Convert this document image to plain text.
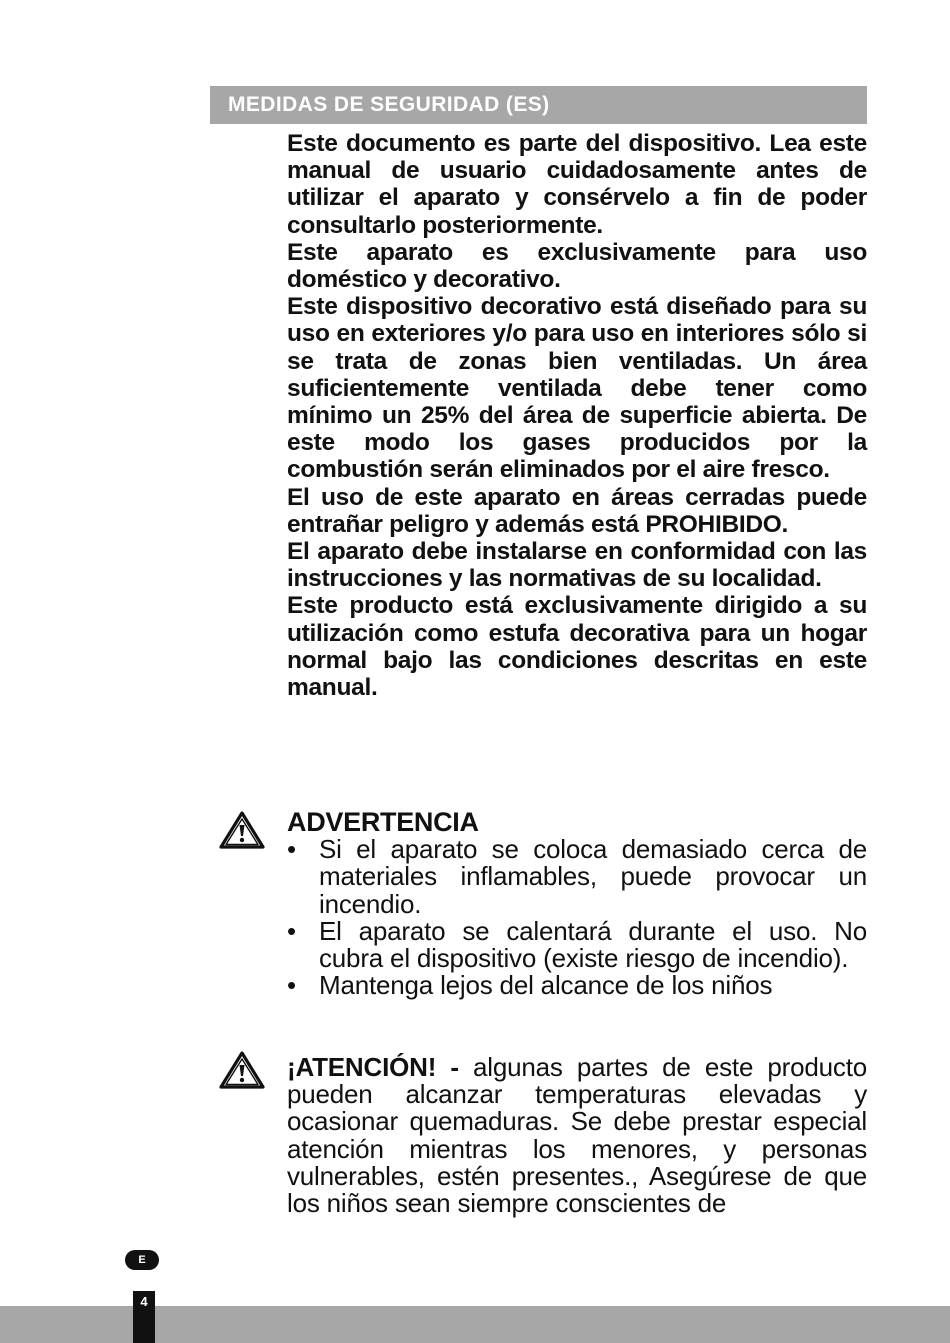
MEDIDAS DE SEGURIDAD (ES)

Este documento es parte del dispositivo. Lea este manual de usuario cuidadosamente antes de utilizar el aparato y consérvelo a fin de poder consultarlo posteriormente.

Este aparato es exclusivamente para uso doméstico y decorativo.

Este dispositivo decorativo está diseñado para su uso en exteriores y/o para uso en interiores sólo si se trata de zonas bien ventiladas. Un área suficientemente ventilada debe tener como mínimo un 25% del área de superficie abierta. De este modo los gases producidos por la combustión serán eliminados por el aire fresco.

El uso de este aparato en áreas cerradas puede entrañar peligro y además está PROHIBIDO.

El aparato debe instalarse en conformidad con las instrucciones y las normativas de su localidad.

Este producto está exclusivamente dirigido a su utilización como estufa decorativa para un hogar normal bajo las condiciones descritas en este manual.

ADVERTENCIA
• Si el aparato se coloca demasiado cerca de materiales inflamables, puede provocar un incendio.
• El aparato se calentará durante el uso. No cubra el dispositivo (existe riesgo de incendio).
• Mantenga lejos del alcance de los niños
¡ATENCIÓN! - algunas partes de este producto pueden alcanzar temperaturas elevadas y ocasionar quemaduras. Se debe prestar especial atención mientras los menores, y personas vulnerables, estén presentes., Asegúrese de que los niños sean siempre conscientes de
E
4
